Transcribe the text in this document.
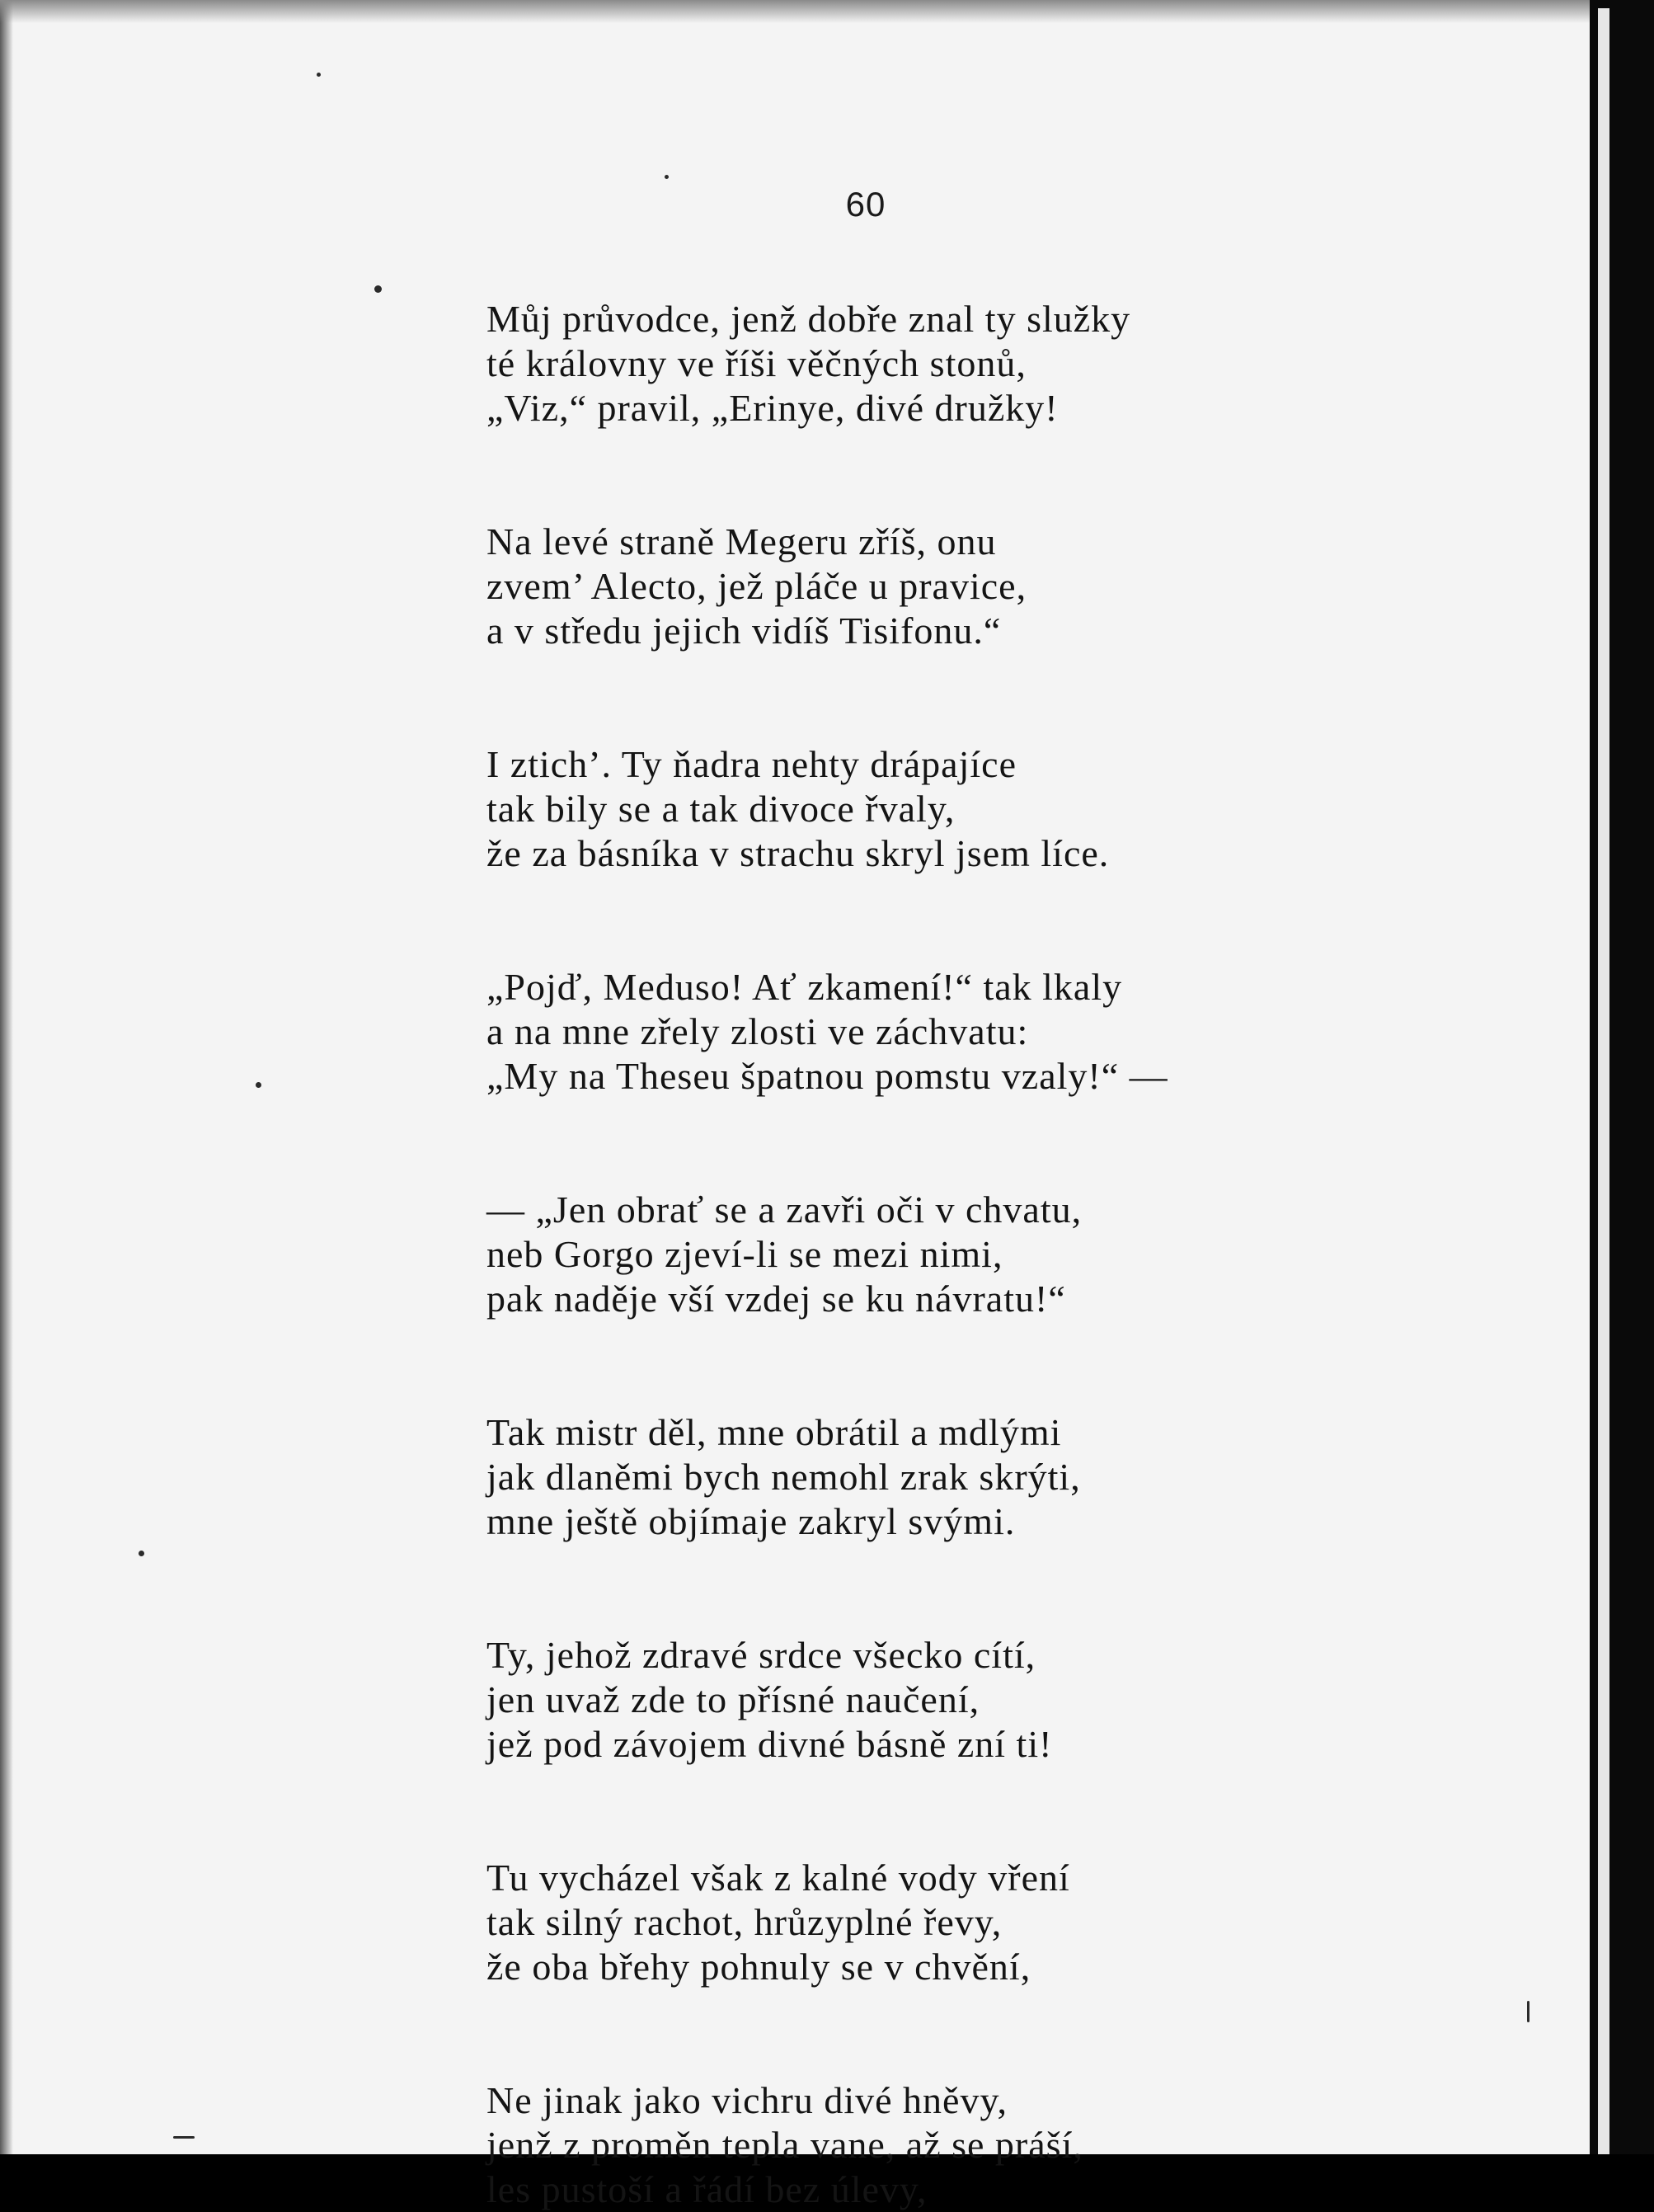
60
Můj průvodce, jenž dobře znal ty služky
té královny ve říši věčných stonů,
„Viz,“ pravil, „Erinye, divé družky!
Na levé straně Megeru zříš, onu
zvem’ Alecto, jež pláče u pravice,
a v středu jejich vidíš Tisifonu.“
I ztich’. Ty ňadra nehty drápajíce
tak bily se a tak divoce řvaly,
že za básníka v strachu skryl jsem líce.
„Pojď, Meduso! Ať zkamení!“ tak lkaly
a na mne zřely zlosti ve záchvatu:
„My na Theseu špatnou pomstu vzaly!“ —
— „Jen obrať se a zavři oči v chvatu,
neb Gorgo zjeví-li se mezi nimi,
pak naděje vší vzdej se ku návratu!“
Tak mistr děl, mne obrátil a mdlými
jak dlaněmi bych nemohl zrak skrýti,
mne ještě objímaje zakryl svými.
Ty, jehož zdravé srdce všecko cítí,
jen uvaž zde to přísné naučení,
jež pod závojem divné básně zní ti!
Tu vycházel však z kalné vody vření
tak silný rachot, hrůzyplné řevy,
že oba břehy pohnuly se v chvění,
Ne jinak jako vichru divé hněvy,
jenž z proměn tepla vane, až se práší,
les pustoší a řádí bez úlevy,
